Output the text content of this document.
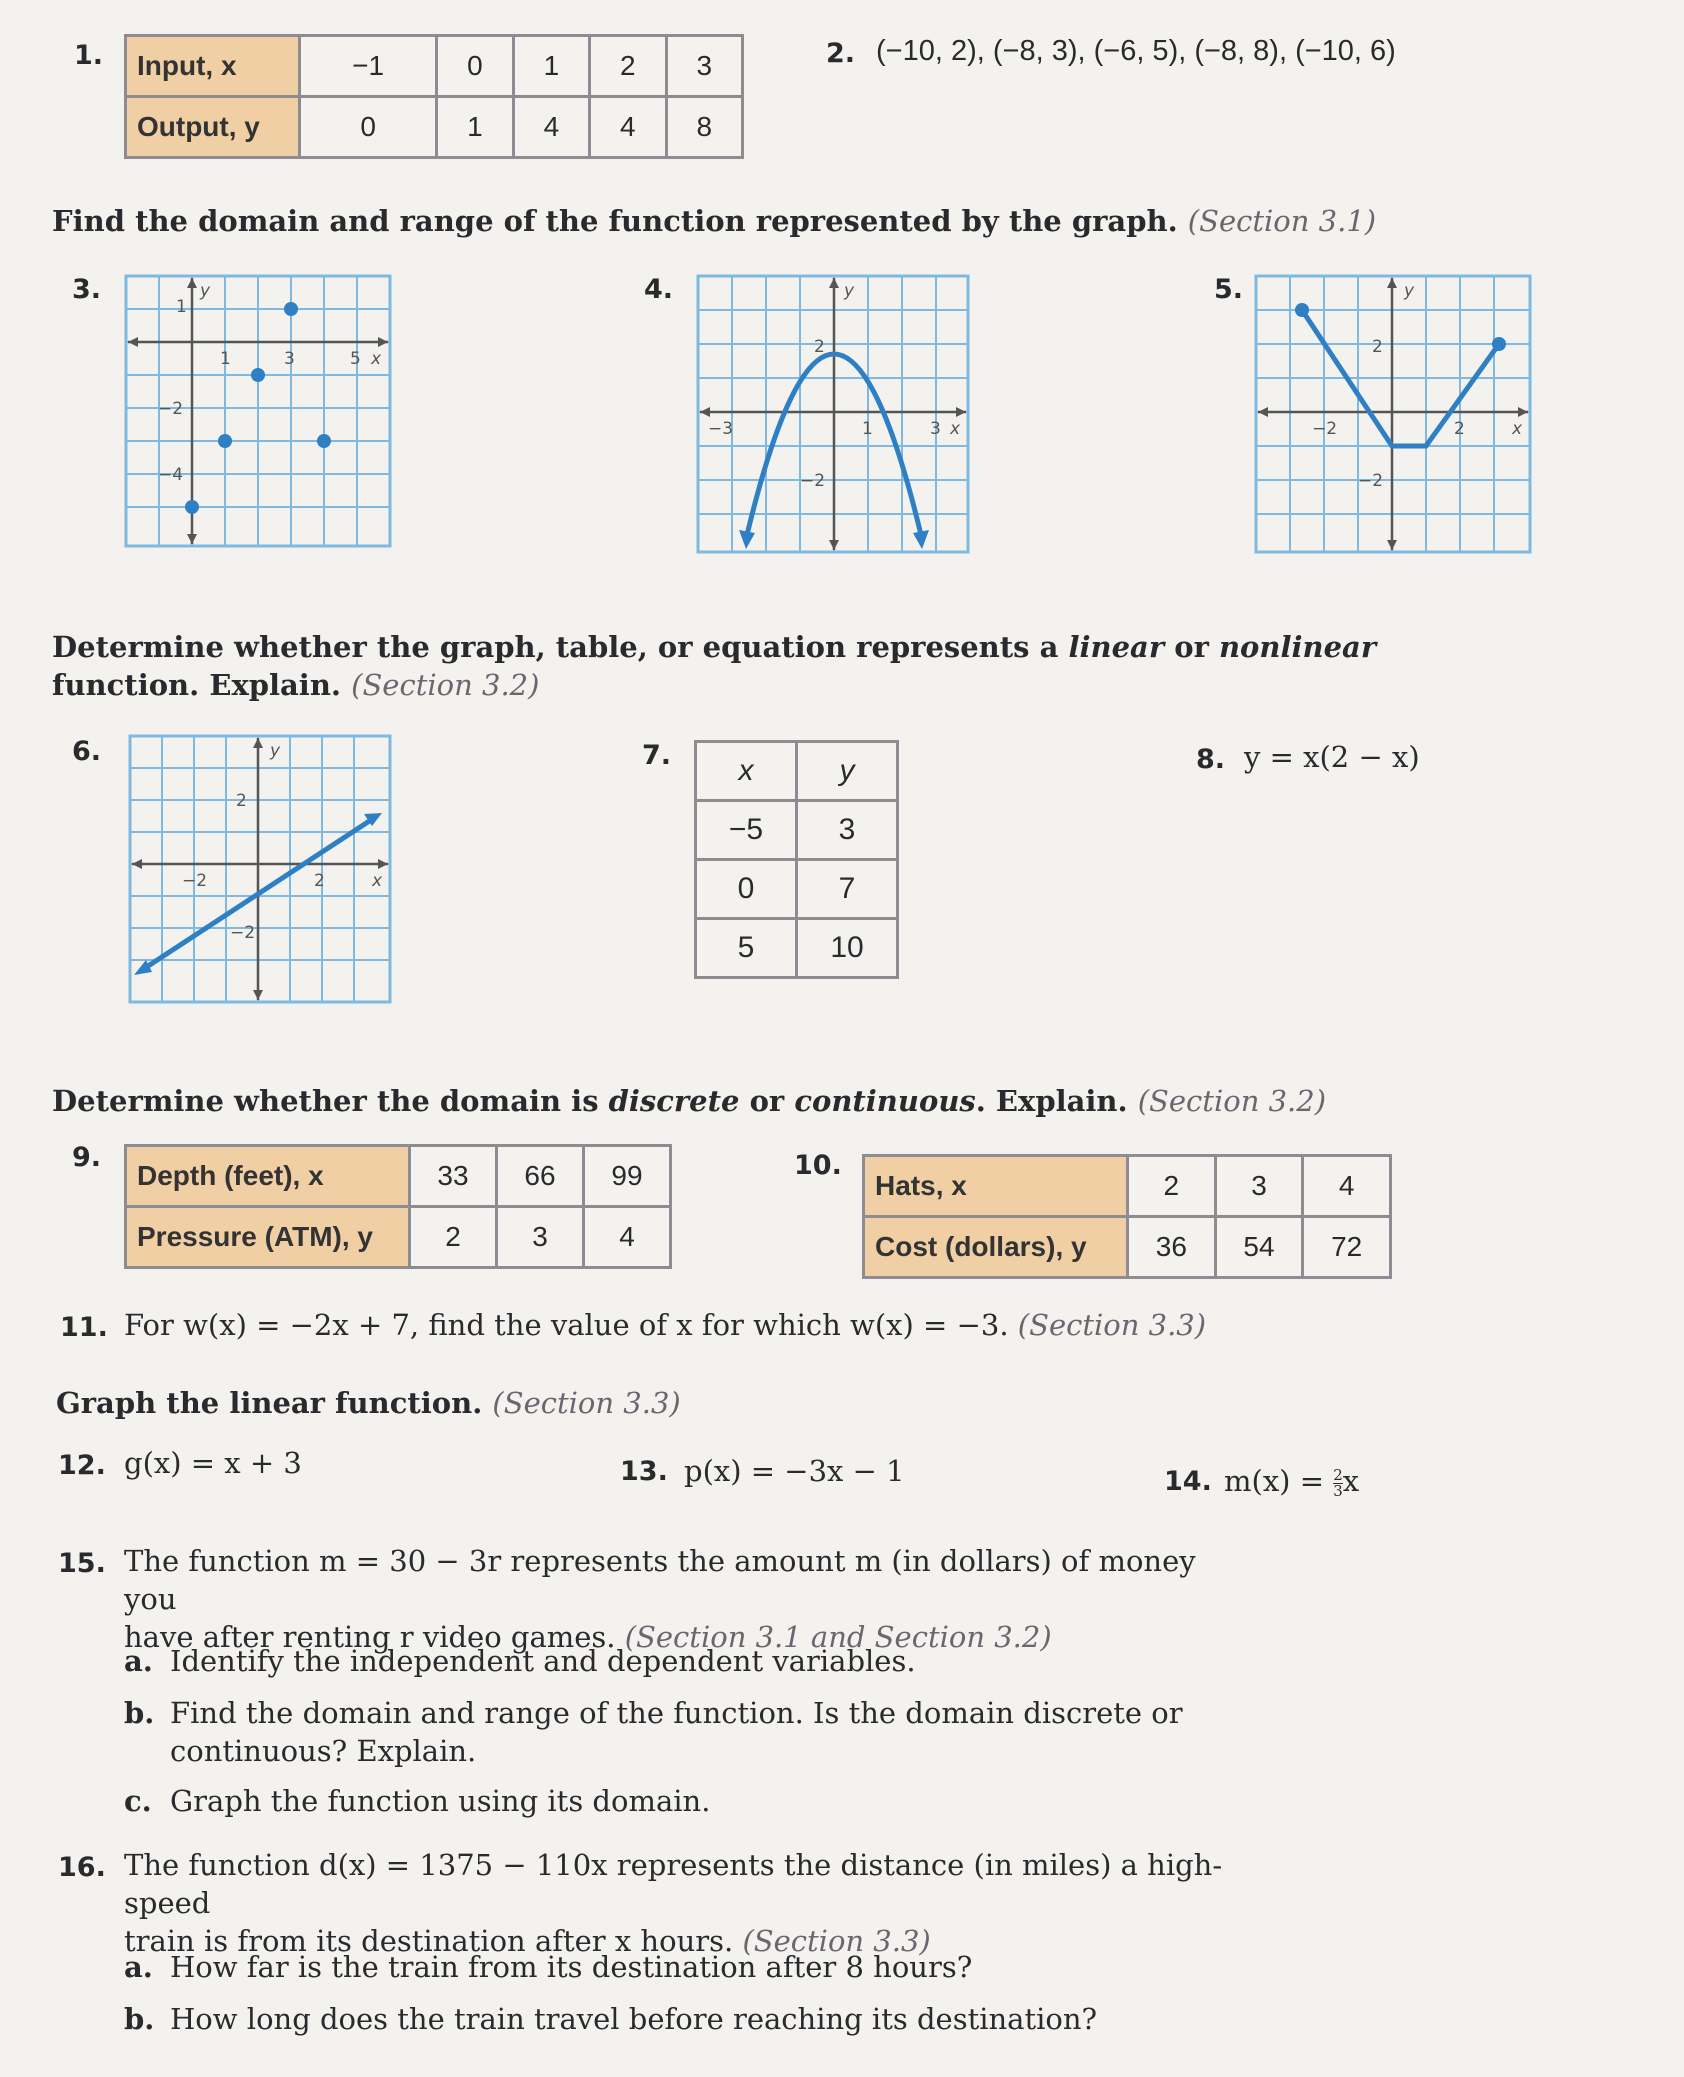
1. Input, x	−1	0	1	2	3
Output, y	0	1	4	4	8
2. (−10, 2), (−8, 3), (−6, 5), (−8, 8), (−10, 6)
Find the domain and range of the function represented by the graph. (Section 3.1)
3.	y
x
1	3	5
1
−2
−4
4.	y
x
2
−3	1	3
−2
5.	y
x
2
−2	2
−2
Determine whether the graph, table, or equation represents a linear or nonlinear
function. Explain. (Section 3.2)
6.	y
x
2
−2	2
−2
7. x	y
−5	3
0	7
5	10
8. y = x(2 − x)
Determine whether the domain is discrete or continuous. Explain. (Section 3.2)
9.
Depth (feet), x	33	66	99
Pressure (ATM), y	2	3	4
10.
Hats, x	2	3	4
Cost (dollars), y	36	54	72
11. For w(x) = −2x + 7, find the value of x for which w(x) = −3. (Section 3.3)
Graph the linear function. (Section 3.3)
12. g(x) = x + 3	13. p(x) = −3x − 1	14. $m(x) = \frac{2}{3}$ x
15. The function m = 30 − 3r represents the amount m (in dollars) of money you
have after renting r video games. (Section 3.1 and Section 3.2)
a. Identify the independent and dependent variables.
b. Find the domain and range of the function. Is the domain discrete or
continuous? Explain.
c. Graph the function using its domain.
16. The function d(x) = 1375 − 110x represents the distance (in miles) a high-speed
train is from its destination after x hours. (Section 3.3)
a. How far is the train from its destination after 8 hours?
b. How long does the train travel before reaching its destination?
